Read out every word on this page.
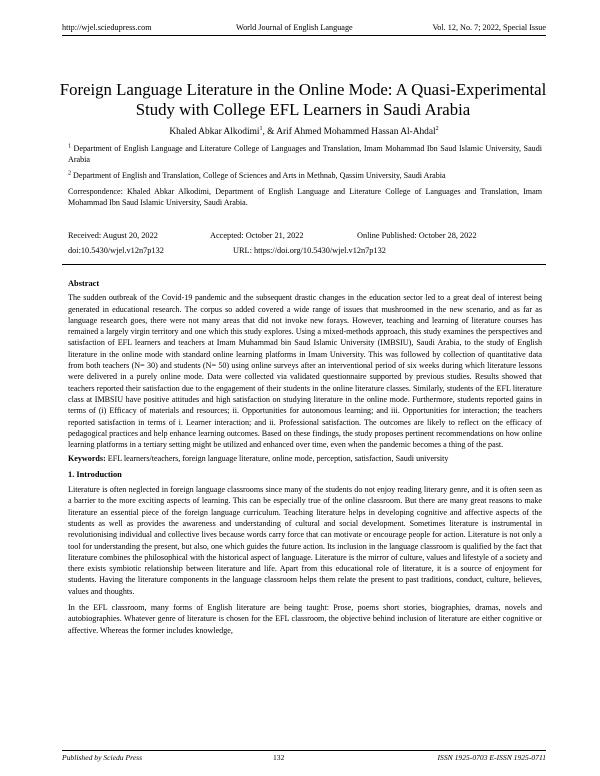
http://wjel.sciedupress.com	World Journal of English Language	Vol. 12, No. 7; 2022, Special Issue
Foreign Language Literature in the Online Mode: A Quasi-Experimental
Study with College EFL Learners in Saudi Arabia
Khaled Abkar Alkodimi$^1$, & Arif Ahmed Mohammed Hassan Al-Ahdal$^2$
$^1$ Department of English Language and Literature College of Languages and Translation, Imam Mohammad Ibn Saud Islamic University, Saudi Arabia
$^2$ Department of English and Translation, College of Sciences and Arts in Methnab, Qassim University, Saudi Arabia
Correspondence: Khaled Abkar Alkodimi, Department of English Language and Literature College of Languages and Translation, Imam Mohammad Ibn Saud Islamic University, Saudi Arabia.
Received: August 20, 2022	Accepted: October 21, 2022	Online Published: October 28, 2022
doi:10.5430/wjel.v12n7p132	URL: https://doi.org/10.5430/wjel.v12n7p132
Abstract

The sudden outbreak of the Covid-19 pandemic and the subsequent drastic changes in the education sector led to a great deal of interest being generated in educational research. The corpus so added covered a wide range of issues that mushroomed in the new scenario, and as far as language research goes, there were not many areas that did not invoke new forays. However, teaching and learning of literature courses has remained a largely virgin territory and one which this study explores. Using a mixed-methods approach, this study examines the perspectives and satisfaction of EFL learners and teachers at Imam Muhammad bin Saud Islamic University (IMBSIU), Saudi Arabia, to the study of English literature in the online mode with standard online learning platforms in Imam University. This was followed by collection of quantitative data from both teachers (N= 30) and students (N= 50) using online surveys after an interventional period of six weeks during which literature lessons were delivered in a purely online mode. Data were collected via validated questionnaire supported by previous studies. Results showed that teachers reported their satisfaction due to the engagement of their students in the online literature classes. Similarly, students of the EFL literature class at IMBSIU have positive attitudes and high satisfaction on studying literature in the online mode. Furthermore, students reported gains in terms of (i) Efficacy of materials and resources; ii. Opportunities for autonomous learning; and iii. Opportunities for interaction; the teachers reported satisfaction in terms of i. Learner interaction; and ii. Professional satisfaction. The outcomes are likely to reflect on the efficacy of pedagogical practices and help enhance learning outcomes. Based on these findings, the study proposes pertinent recommendations on how online learning platforms in a tertiary setting might be utilized and enhanced over time, even when the pandemic becomes a thing of the past.

Keywords: EFL learners/teachers, foreign language literature, online mode, perception, satisfaction, Saudi university

1. Introduction

Literature is often neglected in foreign language classrooms since many of the students do not enjoy reading literary genre, and it is often seen as a barrier to the more exciting aspects of learning. This can be especially true of the online classroom. But there are many great reasons to make literature an essential piece of the foreign language curriculum. Teaching literature helps in developing cognitive and affective aspects of the students as well as provides the awareness and understanding of cultural and social development. Sometimes literature is instrumental in revolutionising individual and collective lives because words carry force that can motivate or encourage people for action. Literature is not only a tool for understanding the present, but also, one which guides the future action. Its inclusion in the language classroom is qualified by the fact that literature combines the philosophical with the historical aspect of language. Literature is the mirror of culture, values and lifestyle of a society and there exists symbiotic relationship between literature and life. Apart from this educational role of literature, it is a source of enjoyment for students. Having the literature components in the language classroom helps them relate the present to past traditions, conduct, culture, believes, values and thoughts.

In the EFL classroom, many forms of English literature are being taught: Prose, poems short stories, biographies, dramas, novels and autobiographies. Whatever genre of literature is chosen for the EFL classroom, the objective behind inclusion of literature are either cognitive or affective. Whereas the former includes knowledge,

Published by Sciedu Press	132	ISSN 1925-0703 E-ISSN 1925-0711
